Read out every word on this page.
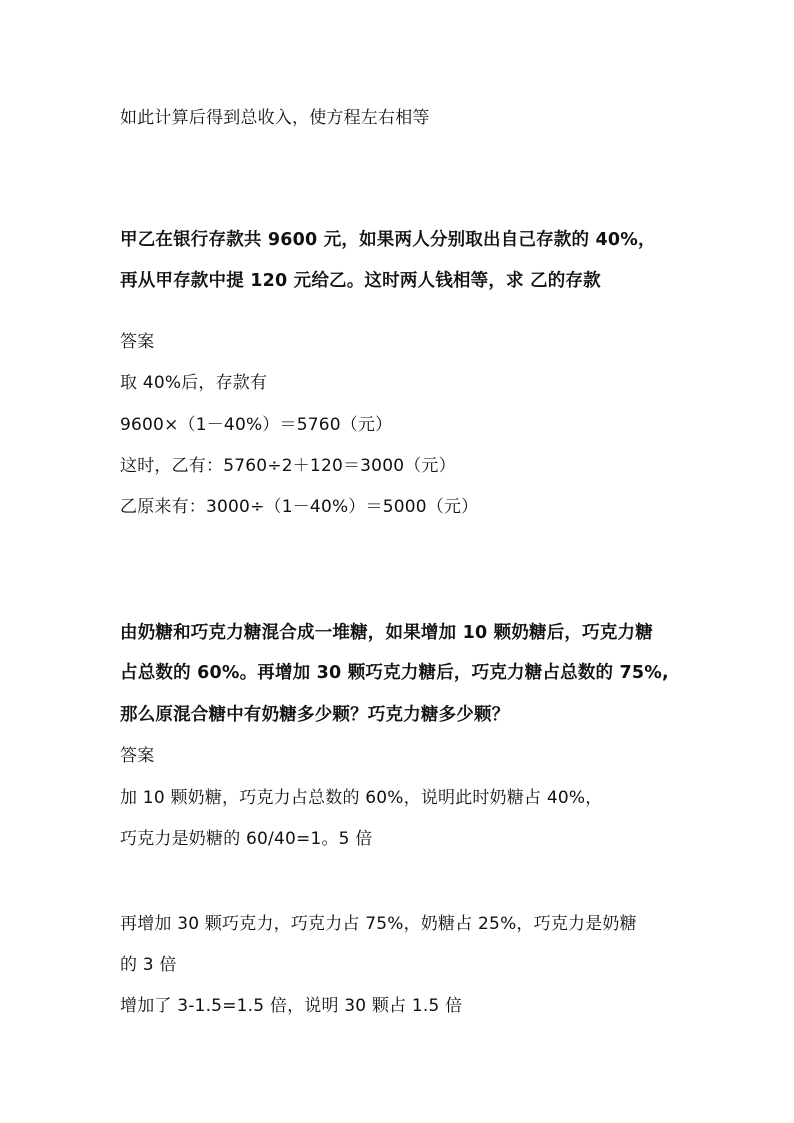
如此计算后得到总收入，使方程左右相等
甲乙在银行存款共 9600 元，如果两人分别取出自己存款的 40%，
再从甲存款中提 120 元给乙。这时两人钱相等，求 乙的存款
答案
取 40%后，存款有
9600×（1－40%）＝5760（元）
这时，乙有：5760÷2＋120＝3000（元）
乙原来有：3000÷（1－40%）＝5000（元）
由奶糖和巧克力糖混合成一堆糖，如果增加 10 颗奶糖后，巧克力糖
占总数的 60%。再增加 30 颗巧克力糖后，巧克力糖占总数的 75%,
那么原混合糖中有奶糖多少颗？巧克力糖多少颗？
答案
加 10 颗奶糖，巧克力占总数的 60%，说明此时奶糖占 40%，
巧克力是奶糖的 60/40=1。5 倍
再增加 30 颗巧克力，巧克力占 75%，奶糖占 25%，巧克力是奶糖
的 3 倍
增加了 3-1.5=1.5 倍，说明 30 颗占 1.5 倍
